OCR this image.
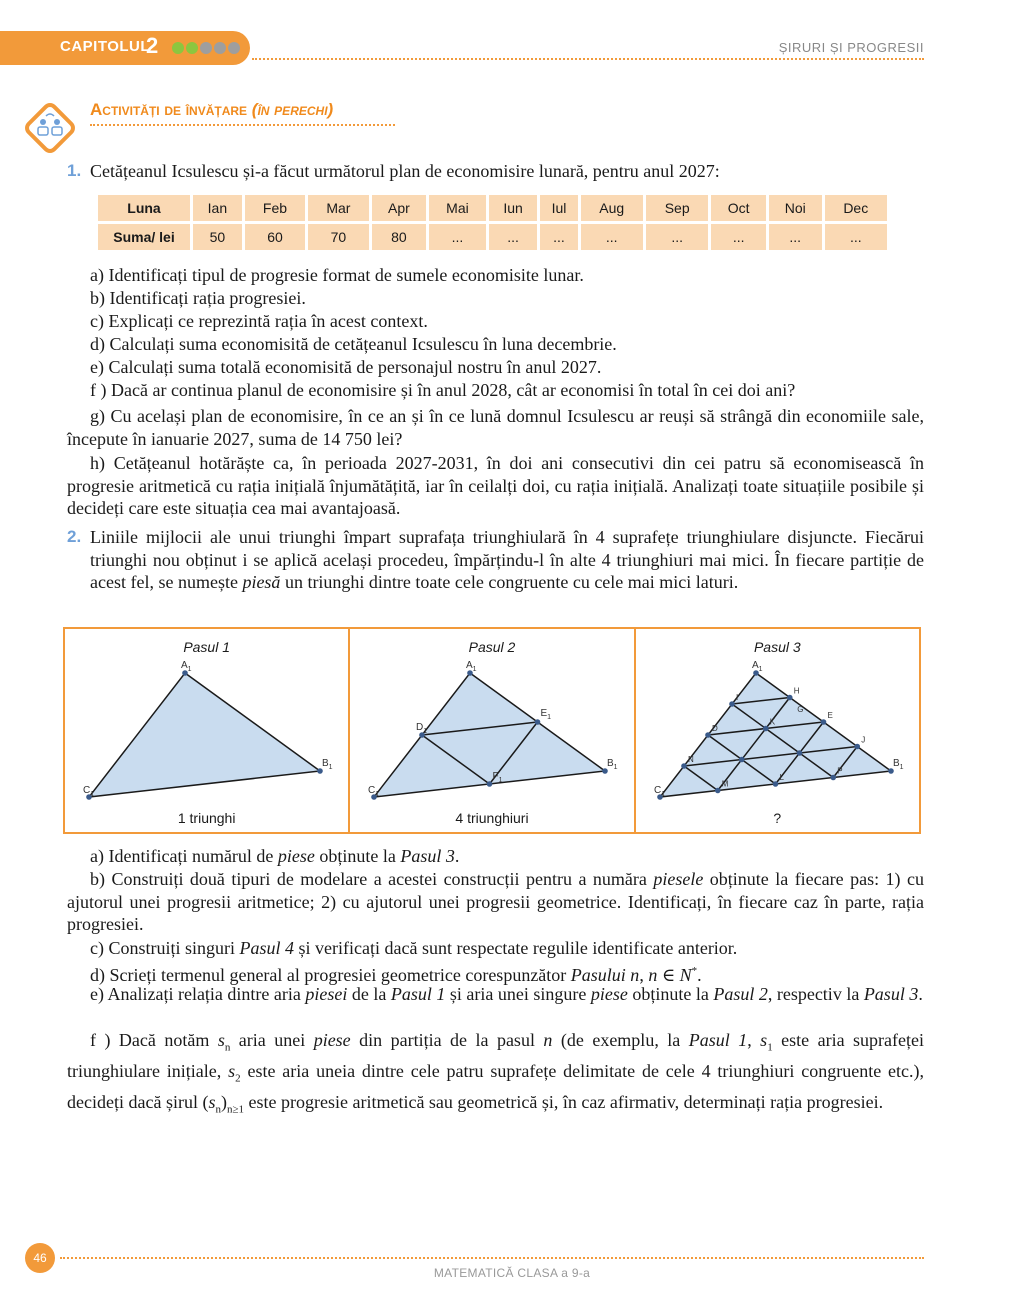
CAPITOLUL
2	ȘIRURI ȘI PROGRESII
Activități de învățare (în perechi)
1. Cetățeanul Icsulescu și-a făcut următorul plan de economisire lunară, pentru anul 2027:
Luna	Ian	Feb	Mar	Apr	Mai	Iun	Iul	Aug	Sep	Oct	Noi	Dec
Suma/ lei	50	60	70	80	...	...	...	...	...	...	...	...
a) Identificați tipul de progresie format de sumele economisite lunar.
b) Identificați rația progresiei.
c) Explicați ce reprezintă rația în acest context.
d) Calculați suma economisită de cetățeanul Icsulescu în luna decembrie.
e) Calculați suma totală economisită de personajul nostru în anul 2027.
f ) Dacă ar continua planul de economisire și în anul 2028, cât ar economisi în total în cei doi ani?
g) Cu același plan de economisire, în ce an și în ce lună domnul Icsulescu ar reuși să strângă din economiile sale, începute în ianuarie 2027, suma de 14 750 lei?
h) Cetățeanul hotărăște ca, în perioada 2027-2031, în doi ani consecutivi din cei patru să economisească în progresie aritmetică cu rația inițială înjumătățită, iar în ceilalți doi, cu rația inițială. Analizați toate situațiile posibile și decideți care este situația cea mai avantajoasă.
2. Liniile mijlocii ale unui triunghi împart suprafața triunghiulară în 4 suprafețe triunghiulare disjuncte. Fiecărui triunghi nou obținut i se aplică același procedeu, împărțindu-l în alte 4 triunghiuri mai mici. În fiecare partiție de acest fel, se numește piesă un triunghi dintre toate cele congruente cu cele mai mici laturi.
Pasul 1
$A_1$
$B_1$
$C_1$
1 triunghi
Pasul 2
$A_1$
$B_1$
$C_1$
$D_1$
$E_1$
$F_1$
4 triunghiuri
Pasul 3
$A_1$
$B_1$
$C_1$
I
H
D
G
E
N
K
J
M
L
P
?
a) Identificați numărul de piese obținute la Pasul 3.
b) Construiți două tipuri de modelare a acestei construcții pentru a număra piesele obținute la fiecare pas: 1) cu ajutorul unei progresii aritmetice; 2) cu ajutorul unei progresii geometrice. Identificați, în fiecare caz în parte, rația progresiei.
c) Construiți singuri Pasul 4 și verificați dacă sunt respectate regulile identificate anterior.
d) Scrieți termenul general al progresiei geometrice corespunzător Pasului n, n ∈ N*.
e) Analizați relația dintre aria piesei de la Pasul 1 și aria unei singure piese obținute la Pasul 2, respectiv la Pasul 3.
f ) Dacă notăm $s_n$ aria unei piese din partiția de la pasul n (de exemplu, la Pasul 1, $s_1$ este aria suprafeței triunghiulare inițiale, $s_2$ este aria uneia dintre cele patru suprafețe delimitate de cele 4 triunghiuri congruente etc.), decideți dacă șirul $(s_n)_{n\ge 1}$ este progresie aritmetică sau geometrică și, în caz afirmativ, determinați rația progresiei.
46
MATEMATICĂ CLASA a 9-a
